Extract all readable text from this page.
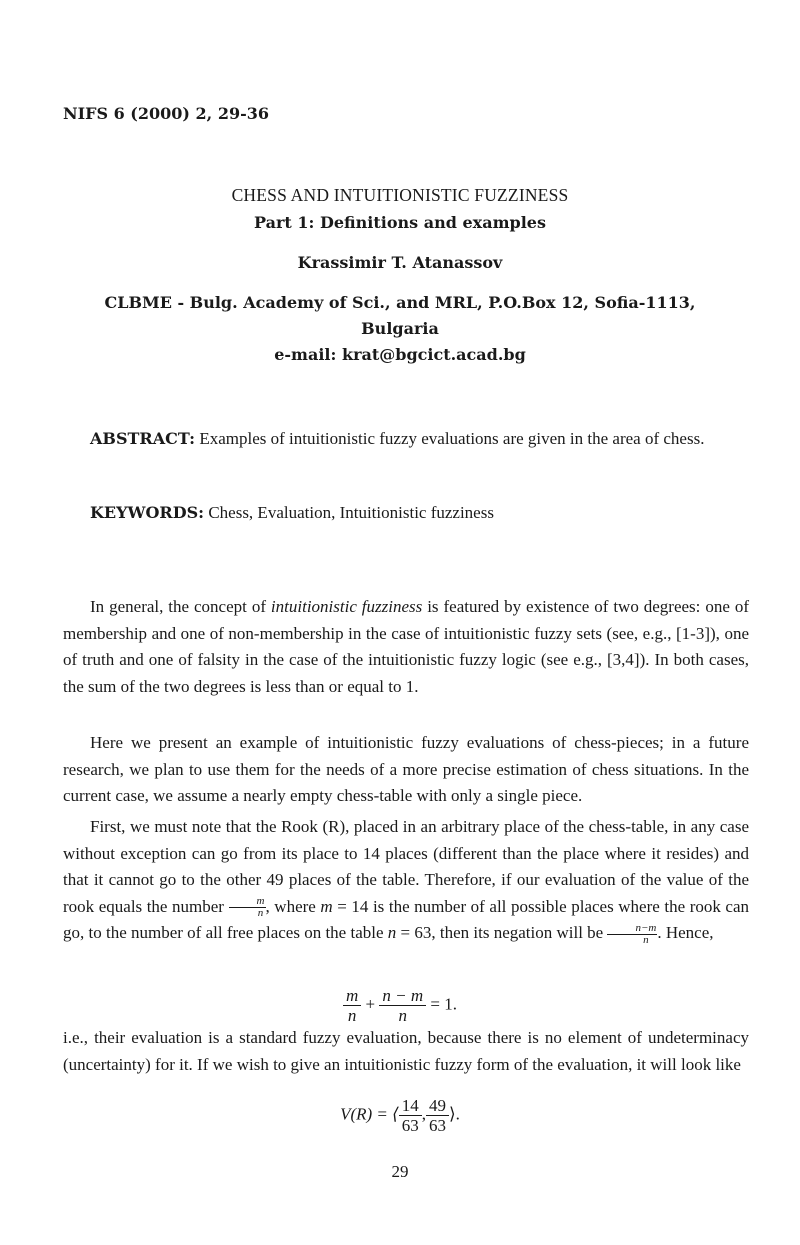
NIFS 6 (2000) 2, 29-36
CHESS AND INTUITIONISTIC FUZZINESS
Part 1: Definitions and examples
Krassimir T. Atanassov
CLBME - Bulg. Academy of Sci., and MRL, P.O.Box 12, Sofia-1113,
Bulgaria
e-mail: krat@bgcict.acad.bg
ABSTRACT: Examples of intuitionistic fuzzy evaluations are given in the area of chess.
KEYWORDS: Chess, Evaluation, Intuitionistic fuzziness
In general, the concept of intuitionistic fuzziness is featured by existence of two degrees: one of membership and one of non-membership in the case of intuitionistic fuzzy sets (see, e.g., [1-3]), one of truth and one of falsity in the case of the intuitionistic fuzzy logic (see e.g., [3,4]). In both cases, the sum of the two degrees is less than or equal to 1.
Here we present an example of intuitionistic fuzzy evaluations of chess-pieces; in a future research, we plan to use them for the needs of a more precise estimation of chess situations. In the current case, we assume a nearly empty chess-table with only a single piece.
First, we must note that the Rook (R), placed in an arbitrary place of the chess-table, in any case without exception can go from its place to 14 places (different than the place where it resides) and that it cannot go to the other 49 places of the table. Therefore, if our evaluation of the value of the rook equals the number $\frac{m}{n}$ , where m = 14 is the number of all possible places where the rook can go, to the number of all free places on the table n = 63, then its negation will be $\frac{n-m}{n}$ . Hence,
$\frac{m}{n} + \frac{n - m}{n} = 1$.
i.e., their evaluation is a standard fuzzy evaluation, because there is no element of undeterminacy (uncertainty) for it. If we wish to give an intuitionistic fuzzy form of the evaluation, it will look like
V(R) = ⟨ $\frac{14}{63}$ , $\frac{49}{63}$ ⟩.
29
